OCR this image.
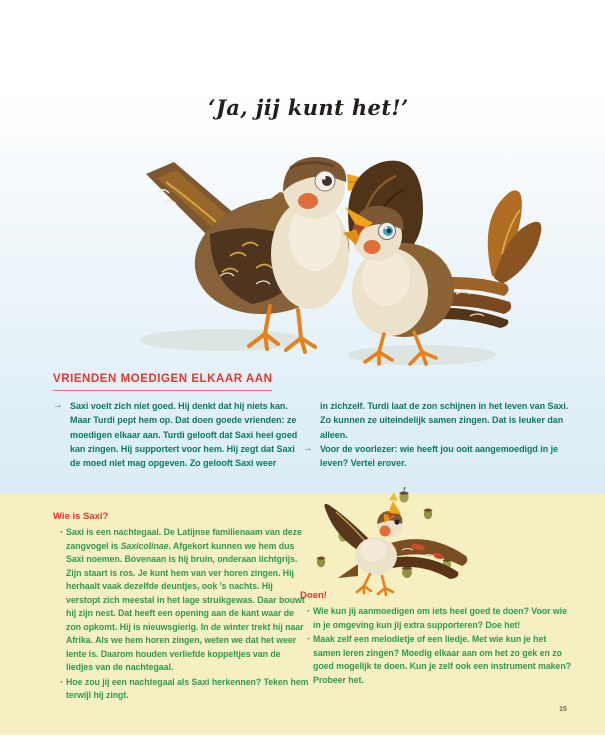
‘Ja, jij kunt het!’
VRIENDEN MOEDIGEN ELKAAR AAN
→ Saxi voelt zich niet goed. Hij denkt dat hij niets kan. Maar Turdi pept hem op. Dat doen goede vrienden: ze moedigen elkaar aan. Turdi gelooft dat Saxi heel goed kan zingen. Hij supportert voor hem. Hij zegt dat Saxi de moed niet mag opgeven. Zo gelooft Saxi weer

in zichzelf. Turdi laat de zon schijnen in het leven van Saxi. Zo kunnen ze uiteindelijk samen zingen. Dat is leuker dan alleen.

→ Voor de voorlezer: wie heeft jou ooit aangemoedigd in je leven? Vertel erover.

Wie is Saxi?
· Saxi is een nachtegaal. De Latijnse familienaam van deze zangvogel is Saxicolinae. Afgekort kunnen we hem dus Saxi noemen. Bovenaan is hij bruin, onderaan lichtgrijs. Zijn staart is ros. Je kunt hem van ver horen zingen. Hij herhaalt vaak dezelfde deuntjes, ook 's nachts. Hij verstopt zich meestal in het lage struikgewas. Daar bouwt hij zijn nest. Dat heeft een opening aan de kant waar de zon opkomt. Hij is nieuwsgierig. In de winter trekt hij naar Afrika. Als we hem horen zingen, weten we dat het weer lente is. Daarom houden verliefde koppeltjes van de liedjes van de nachtegaal.

· Hoe zou jij een nachtegaal als Saxi herkennen? Teken hem terwijl hij zingt.

Doen!
· Wie kun jij aanmoedigen om iets heel goed te doen? Voor wie in je omgeving kun jij extra supporteren? Doe het!

· Maak zelf een melodietje of een liedje. Met wie kun je het samen leren zingen? Moedig elkaar aan om het zo gek en zo goed mogelijk te doen. Kun je zelf ook een instrument maken? Probeer het.

15
